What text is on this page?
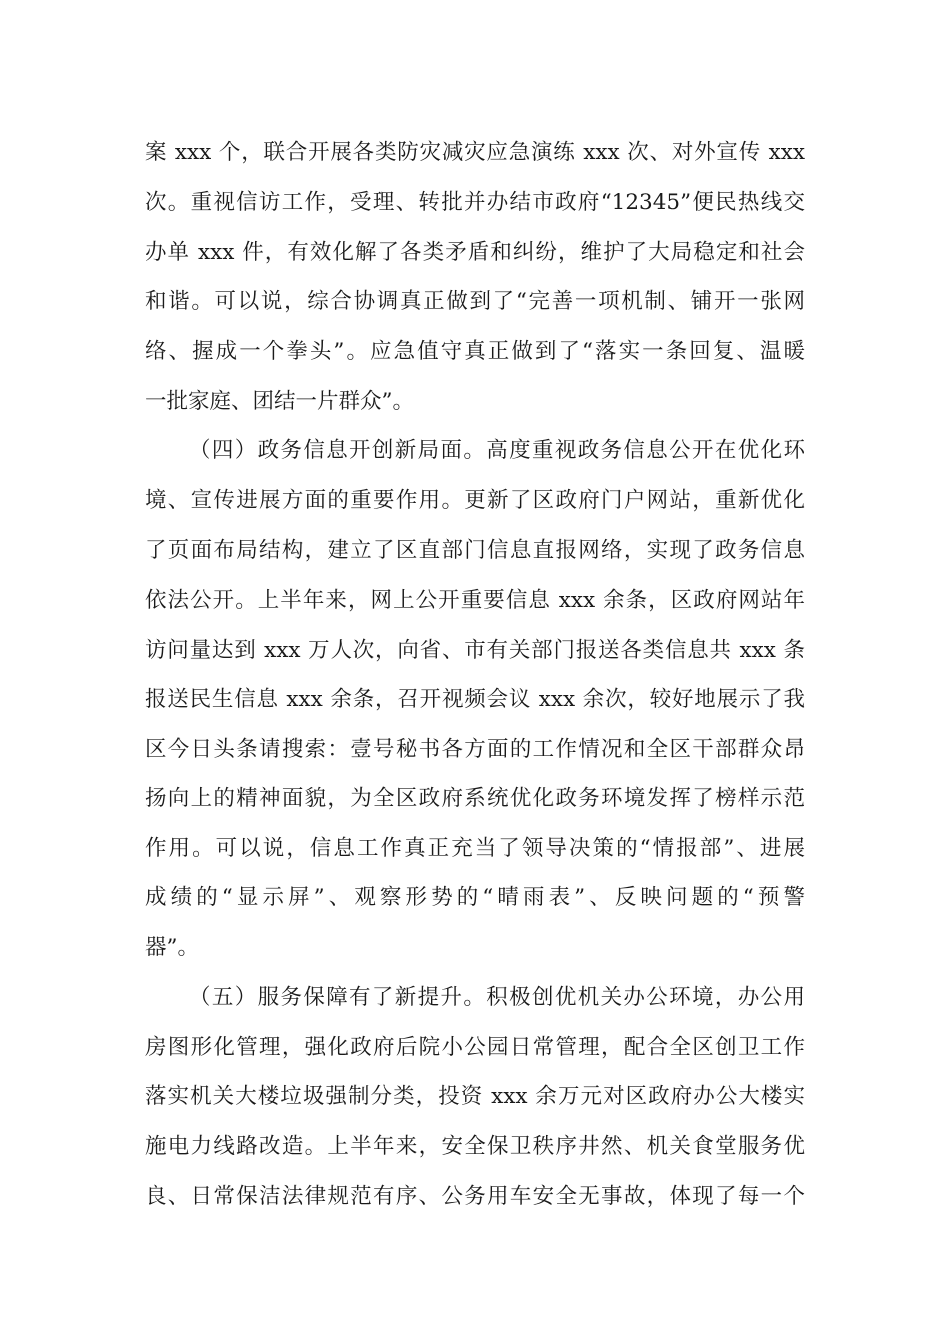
案 xxx 个，联合开展各类防灾减灾应急演练 xxx 次、对外宣传 xxx
次。重视信访工作，受理、转批并办结市政府“12345”便民热线交
办单 xxx 件，有效化解了各类矛盾和纠纷，维护了大局稳定和社会
和谐。可以说，综合协调真正做到了“完善一项机制、铺开一张网
络、握成一个拳头”。应急值守真正做到了“落实一条回复、温暖
一批家庭、团结一片群众”。
（四）政务信息开创新局面。高度重视政务信息公开在优化环
境、宣传进展方面的重要作用。更新了区政府门户网站，重新优化
了页面布局结构，建立了区直部门信息直报网络，实现了政务信息
依法公开。上半年来，网上公开重要信息 xxx 余条，区政府网站年
访问量达到 xxx 万人次，向省、市有关部门报送各类信息共 xxx 条
报送民生信息 xxx 余条，召开视频会议 xxx 余次，较好地展示了我
区今日头条请搜索：壹号秘书各方面的工作情况和全区干部群众昂
扬向上的精神面貌，为全区政府系统优化政务环境发挥了榜样示范
作用。可以说，信息工作真正充当了领导决策的“情报部”、进展
成绩的“显示屏”、观察形势的“晴雨表”、反映问题的“预警
器”。
（五）服务保障有了新提升。积极创优机关办公环境，办公用
房图形化管理，强化政府后院小公园日常管理，配合全区创卫工作
落实机关大楼垃圾强制分类，投资 xxx 余万元对区政府办公大楼实
施电力线路改造。上半年来，安全保卫秩序井然、机关食堂服务优
良、日常保洁法律规范有序、公务用车安全无事故，体现了每一个
